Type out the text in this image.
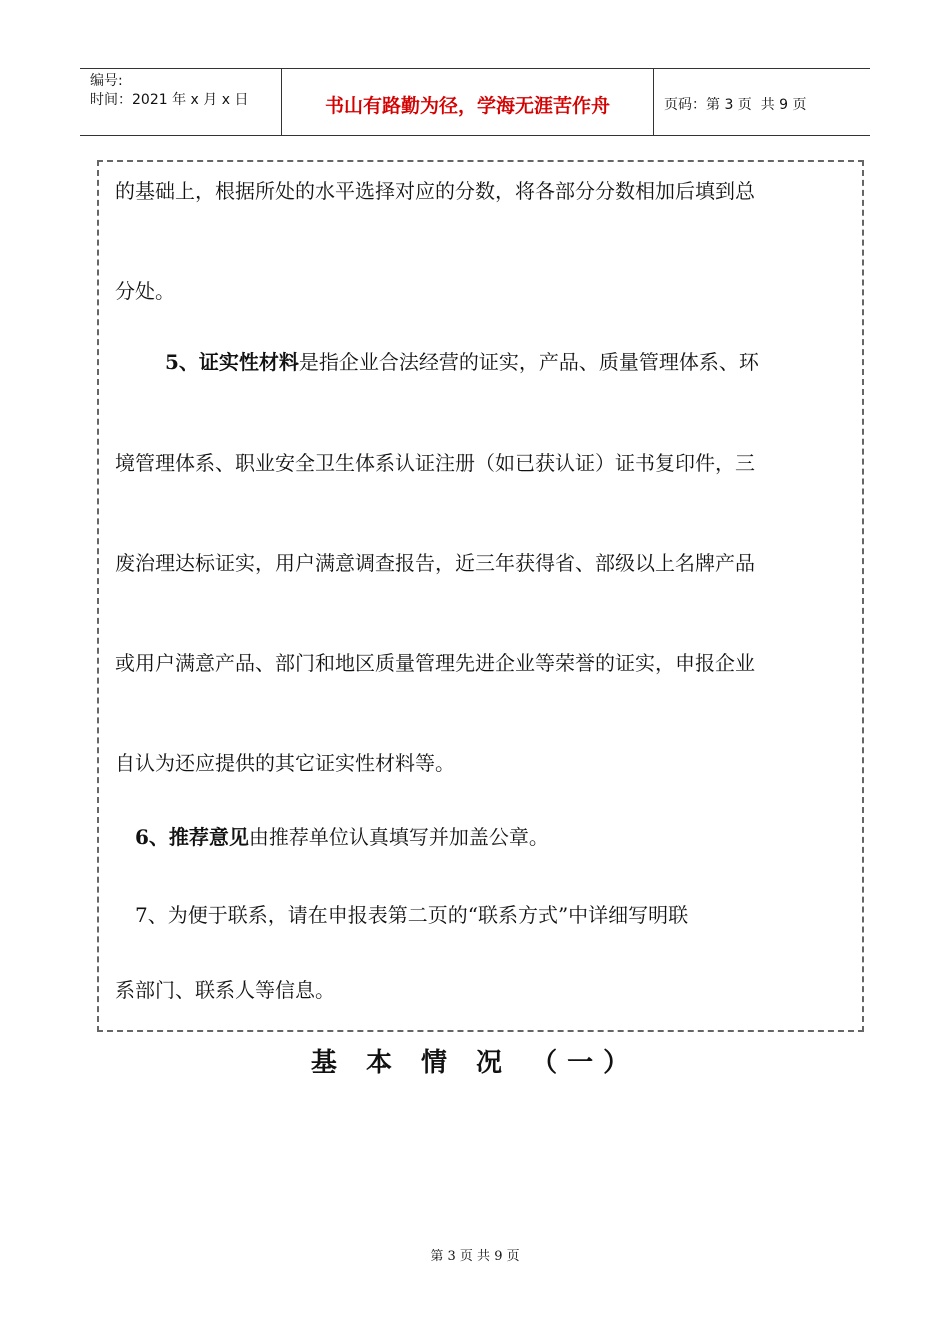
编号:
时间：2021 年 x 月 x 日	书山有路勤为径，学海无涯苦作舟	页码：第 3 页  共 9 页
的基础上，根据所处的水平选择对应的分数，将各部分分数相加后填到总
分处。
5、证实性材料是指企业合法经营的证实，产品、质量管理体系、环
境管理体系、职业安全卫生体系认证注册（如已获认证）证书复印件，三
废治理达标证实，用户满意调查报告，近三年获得省、部级以上名牌产品
或用户满意产品、部门和地区质量管理先进企业等荣誉的证实，申报企业
自认为还应提供的其它证实性材料等。
6、推荐意见由推荐单位认真填写并加盖公章。
7、为便于联系，请在申报表第二页的“联系方式”中详细写明联
系部门、联系人等信息。
基 本 情 况 （一）
第 3 页 共 9 页
